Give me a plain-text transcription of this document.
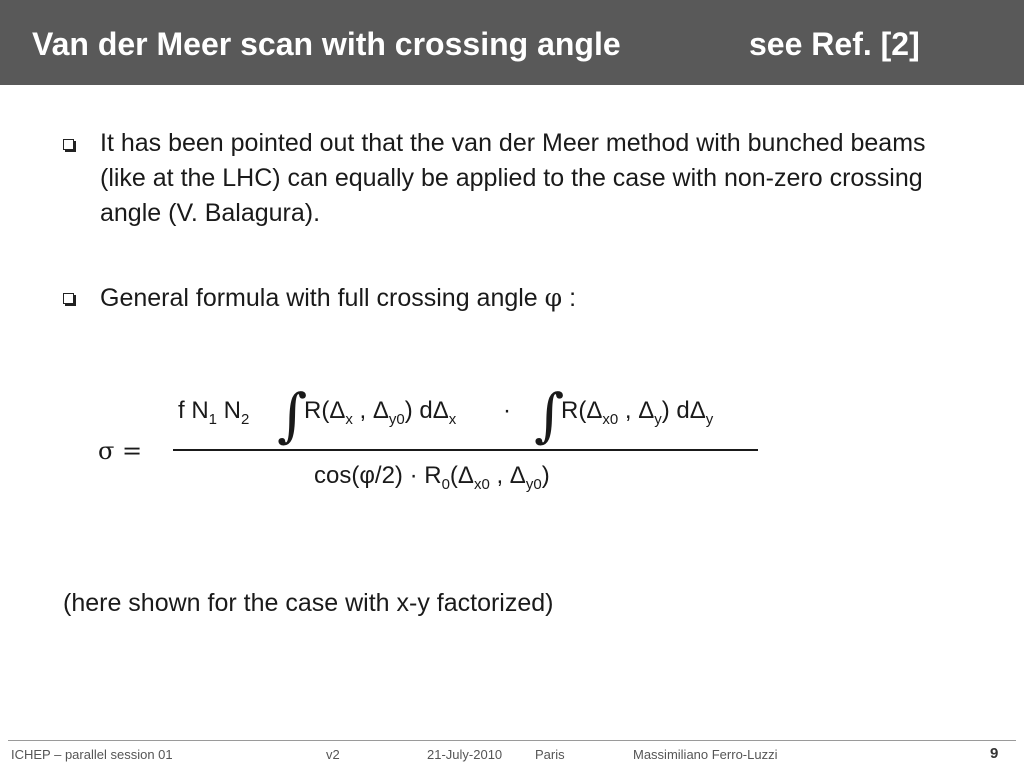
Van der Meer scan with crossing angle	see Ref. [2]
It has been pointed out that the van der Meer method with bunched beams (like at the LHC) can equally be applied to the case with non-zero crossing angle (V. Balagura).
General formula with full crossing angle φ :
σ =
f $N_1$ $N_2$ ∫
$R(\Delta_x$ , $\Delta_{y0}$) $d\Delta_x$ · ∫
$R(\Delta_{x0}$ , $\Delta_y$) $d\Delta_y$
$\cos(\varphi/2) \cdot R_0(\Delta_{x0}$ , $\Delta_{y0}$)
(here shown for the case with x-y factorized)
ICHEP – parallel session 01	v2	21-July-2010	Paris	Massimiliano Ferro-Luzzi	9
